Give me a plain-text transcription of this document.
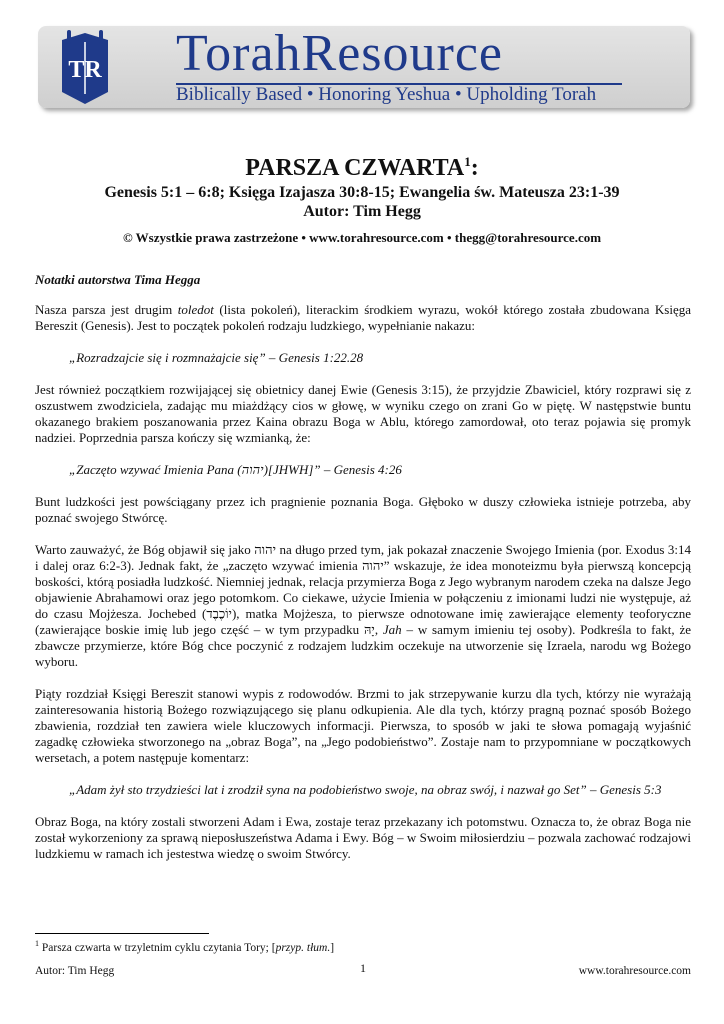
TR TorahResource
Biblically Based • Honoring Yeshua • Upholding Torah
PARSZA CZWARTA$^1$:
Genesis 5:1 – 6:8; Księga Izajasza 30:8-15; Ewangelia św. Mateusza 23:1-39
Autor: Tim Hegg
© Wszystkie prawa zastrzeżone • www.torahresource.com • thegg@torahresource.com

Notatki autorstwa Tima Hegga

Nasza parsza jest drugim toledot (lista pokoleń), literackim środkiem wyrazu, wokół którego została zbudowana Księga Bereszit (Genesis). Jest to początek pokoleń rodzaju ludzkiego, wypełnianie nakazu:

„Rozradzajcie się i rozmnażajcie się” – Genesis 1:22.28

Jest również początkiem rozwijającej się obietnicy danej Ewie (Genesis 3:15), że przyjdzie Zbawiciel, który rozprawi się z oszustwem zwodziciela, zadając mu miażdżący cios w głowę, w wyniku czego on zrani Go w piętę. W następstwie buntu okazanego brakiem poszanowania przez Kaina obrazu Boga w Ablu, którego zamordował, oto teraz pojawia się promyk nadziei. Poprzednia parsza kończy się wzmianką, że:

„Zaczęto wzywać Imienia Pana (יהוה)[JHWH]” – Genesis 4:26

Bunt ludzkości jest powściągany przez ich pragnienie poznania Boga. Głęboko w duszy człowieka istnieje potrzeba, aby poznać swojego Stwórcę.

Warto zauważyć, że Bóg objawił się jako יהוה na długo przed tym, jak pokazał znaczenie Swojego Imienia (por. Exodus 3:14 i dalej oraz 6:2-3). Jednak fakt, że „zaczęto wzywać imienia יהוה” wskazuje, że idea monoteizmu była pierwszą koncepcją boskości, którą posiadła ludzkość. Niemniej jednak, relacja przymierza Boga z Jego wybranym narodem czeka na dalsze Jego objawienie Abrahamowi oraz jego potomkom. Co ciekawe, użycie Imienia w połączeniu z imionami ludzi nie występuje, aż do czasu Mojżesza. Jochebed (יוֹכֶבֶד), matka Mojżesza, to pierwsze odnotowane imię zawierające elementy teoforyczne (zawierające boskie imię lub jego część – w tym przypadku יָהּ, Jah – w samym imieniu tej osoby). Podkreśla to fakt, że zbawcze przymierze, które Bóg chce poczynić z rodzajem ludzkim oczekuje na utworzenie się Izraela, narodu wg Bożego wyboru.

Piąty rozdział Księgi Bereszit stanowi wypis z rodowodów. Brzmi to jak strzepywanie kurzu dla tych, którzy nie wyrażają zainteresowania historią Bożego rozwiązującego się planu odkupienia. Ale dla tych, którzy pragną poznać sposób Bożego zbawienia, rozdział ten zawiera wiele kluczowych informacji. Pierwsza, to sposób w jaki te słowa pomagają wyjaśnić zagadkę człowieka stworzonego na „obraz Boga”, na „Jego podobieństwo”. Zostaje nam to przypomniane w początkowych wersetach, a potem następuje komentarz:

„Adam żył sto trzydzieści lat i zrodził syna na podobieństwo swoje, na obraz swój, i nazwał go Set” – Genesis 5:3

Obraz Boga, na który zostali stworzeni Adam i Ewa, zostaje teraz przekazany ich potomstwu. Oznacza to, że obraz Boga nie został wykorzeniony za sprawą nieposłuszeństwa Adama i Ewy. Bóg – w Swoim miłosierdziu – pozwala zachować rodzajowi ludzkiemu w ramach ich jestestwa wiedzę o swoim Stwórcy.

$^1$ Parsza czwarta w trzyletnim cyklu czytania Tory; [przyp. tłum.]
Autor: Tim Hegg	1	www.torahresource.com
